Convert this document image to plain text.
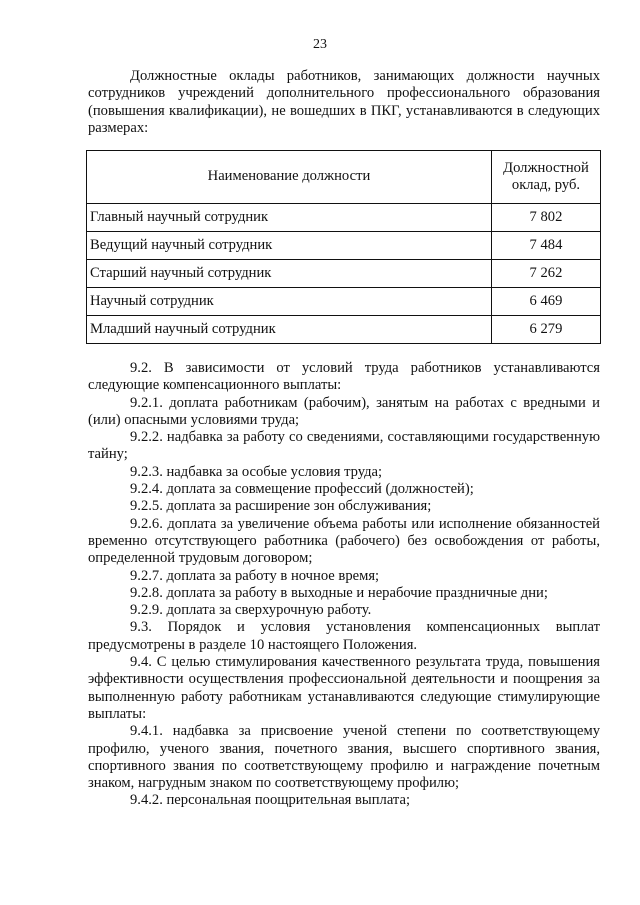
23

Должностные оклады работников, занимающих должности научных сотрудников учреждений дополнительного профессионального образования (повышения квалификации), не вошедших в ПКГ, устанавливаются в следующих размерах:

Наименование должности	Должностной оклад, руб.
Главный научный сотрудник	7 802
Ведущий научный сотрудник	7 484
Старший научный сотрудник	7 262
Научный сотрудник	6 469
Младший научный сотрудник	6 279

9.2. В зависимости от условий труда работников устанавливаются следующие компенсационного выплаты:

9.2.1. доплата работникам (рабочим), занятым на работах с вредными и (или) опасными условиями труда;

9.2.2. надбавка за работу со сведениями, составляющими государственную тайну;

9.2.3. надбавка за особые условия труда;

9.2.4. доплата за совмещение профессий (должностей);

9.2.5. доплата за расширение зон обслуживания;

9.2.6. доплата за увеличение объема работы или исполнение обязанностей временно отсутствующего работника (рабочего) без освобождения от работы, определенной трудовым договором;

9.2.7. доплата за работу в ночное время;

9.2.8. доплата за работу в выходные и нерабочие праздничные дни;

9.2.9. доплата за сверхурочную работу.

9.3. Порядок и условия установления компенсационных выплат предусмотрены в разделе 10 настоящего Положения.

9.4. С целью стимулирования качественного результата труда, повышения эффективности осуществления профессиональной деятельности и поощрения за выполненную работу работникам устанавливаются следующие стимулирующие выплаты:

9.4.1. надбавка за присвоение ученой степени по соответствующему профилю, ученого звания, почетного звания, высшего спортивного звания, спортивного звания по соответствующему профилю и награждение почетным знаком, нагрудным знаком по соответствующему профилю;

9.4.2. персональная поощрительная выплата;
